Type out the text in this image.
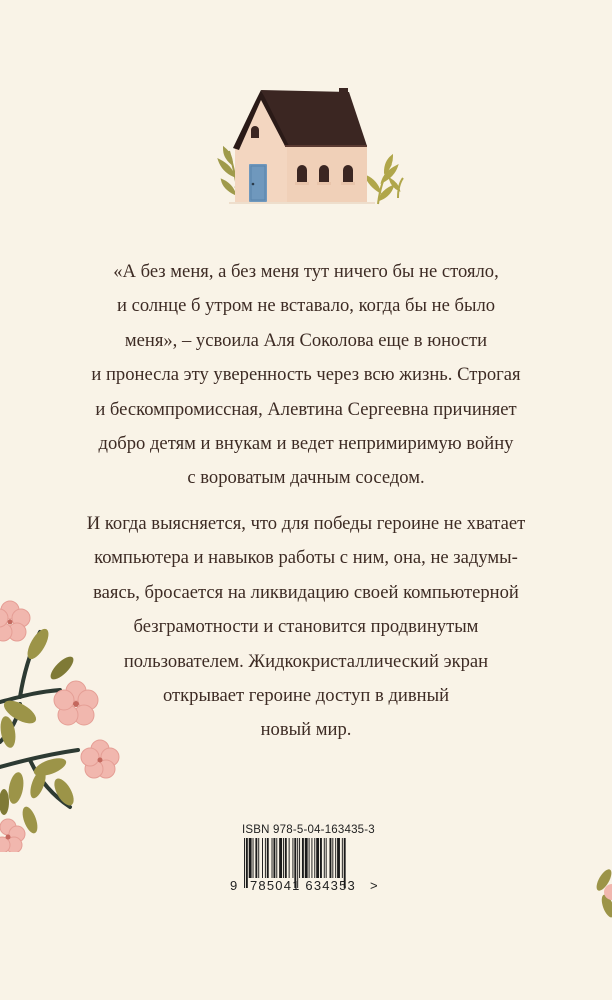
«А без меня, а без меня тут ничего бы не стояло,
и солнце б утром не вставало, когда бы не было
меня», – усвоила Аля Соколова еще в юности
и пронесла эту уверенность через всю жизнь. Строгая
и бескомпромиссная, Алевтина Сергеевна причиняет
добро детям и внукам и ведет непримиримую войну
с вороватым дачным соседом.
И когда выясняется, что для победы героине не хватает
компьютера и навыков работы с ним, она, не задумы-
ваясь, бросается на ликвидацию своей компьютерной
безграмотности и становится продвинутым
пользователем. Жидкокристаллический экран
открывает героине доступ в дивный
новый мир.
ISBN 978-5-04-163435-3
9 785041 634353 >
